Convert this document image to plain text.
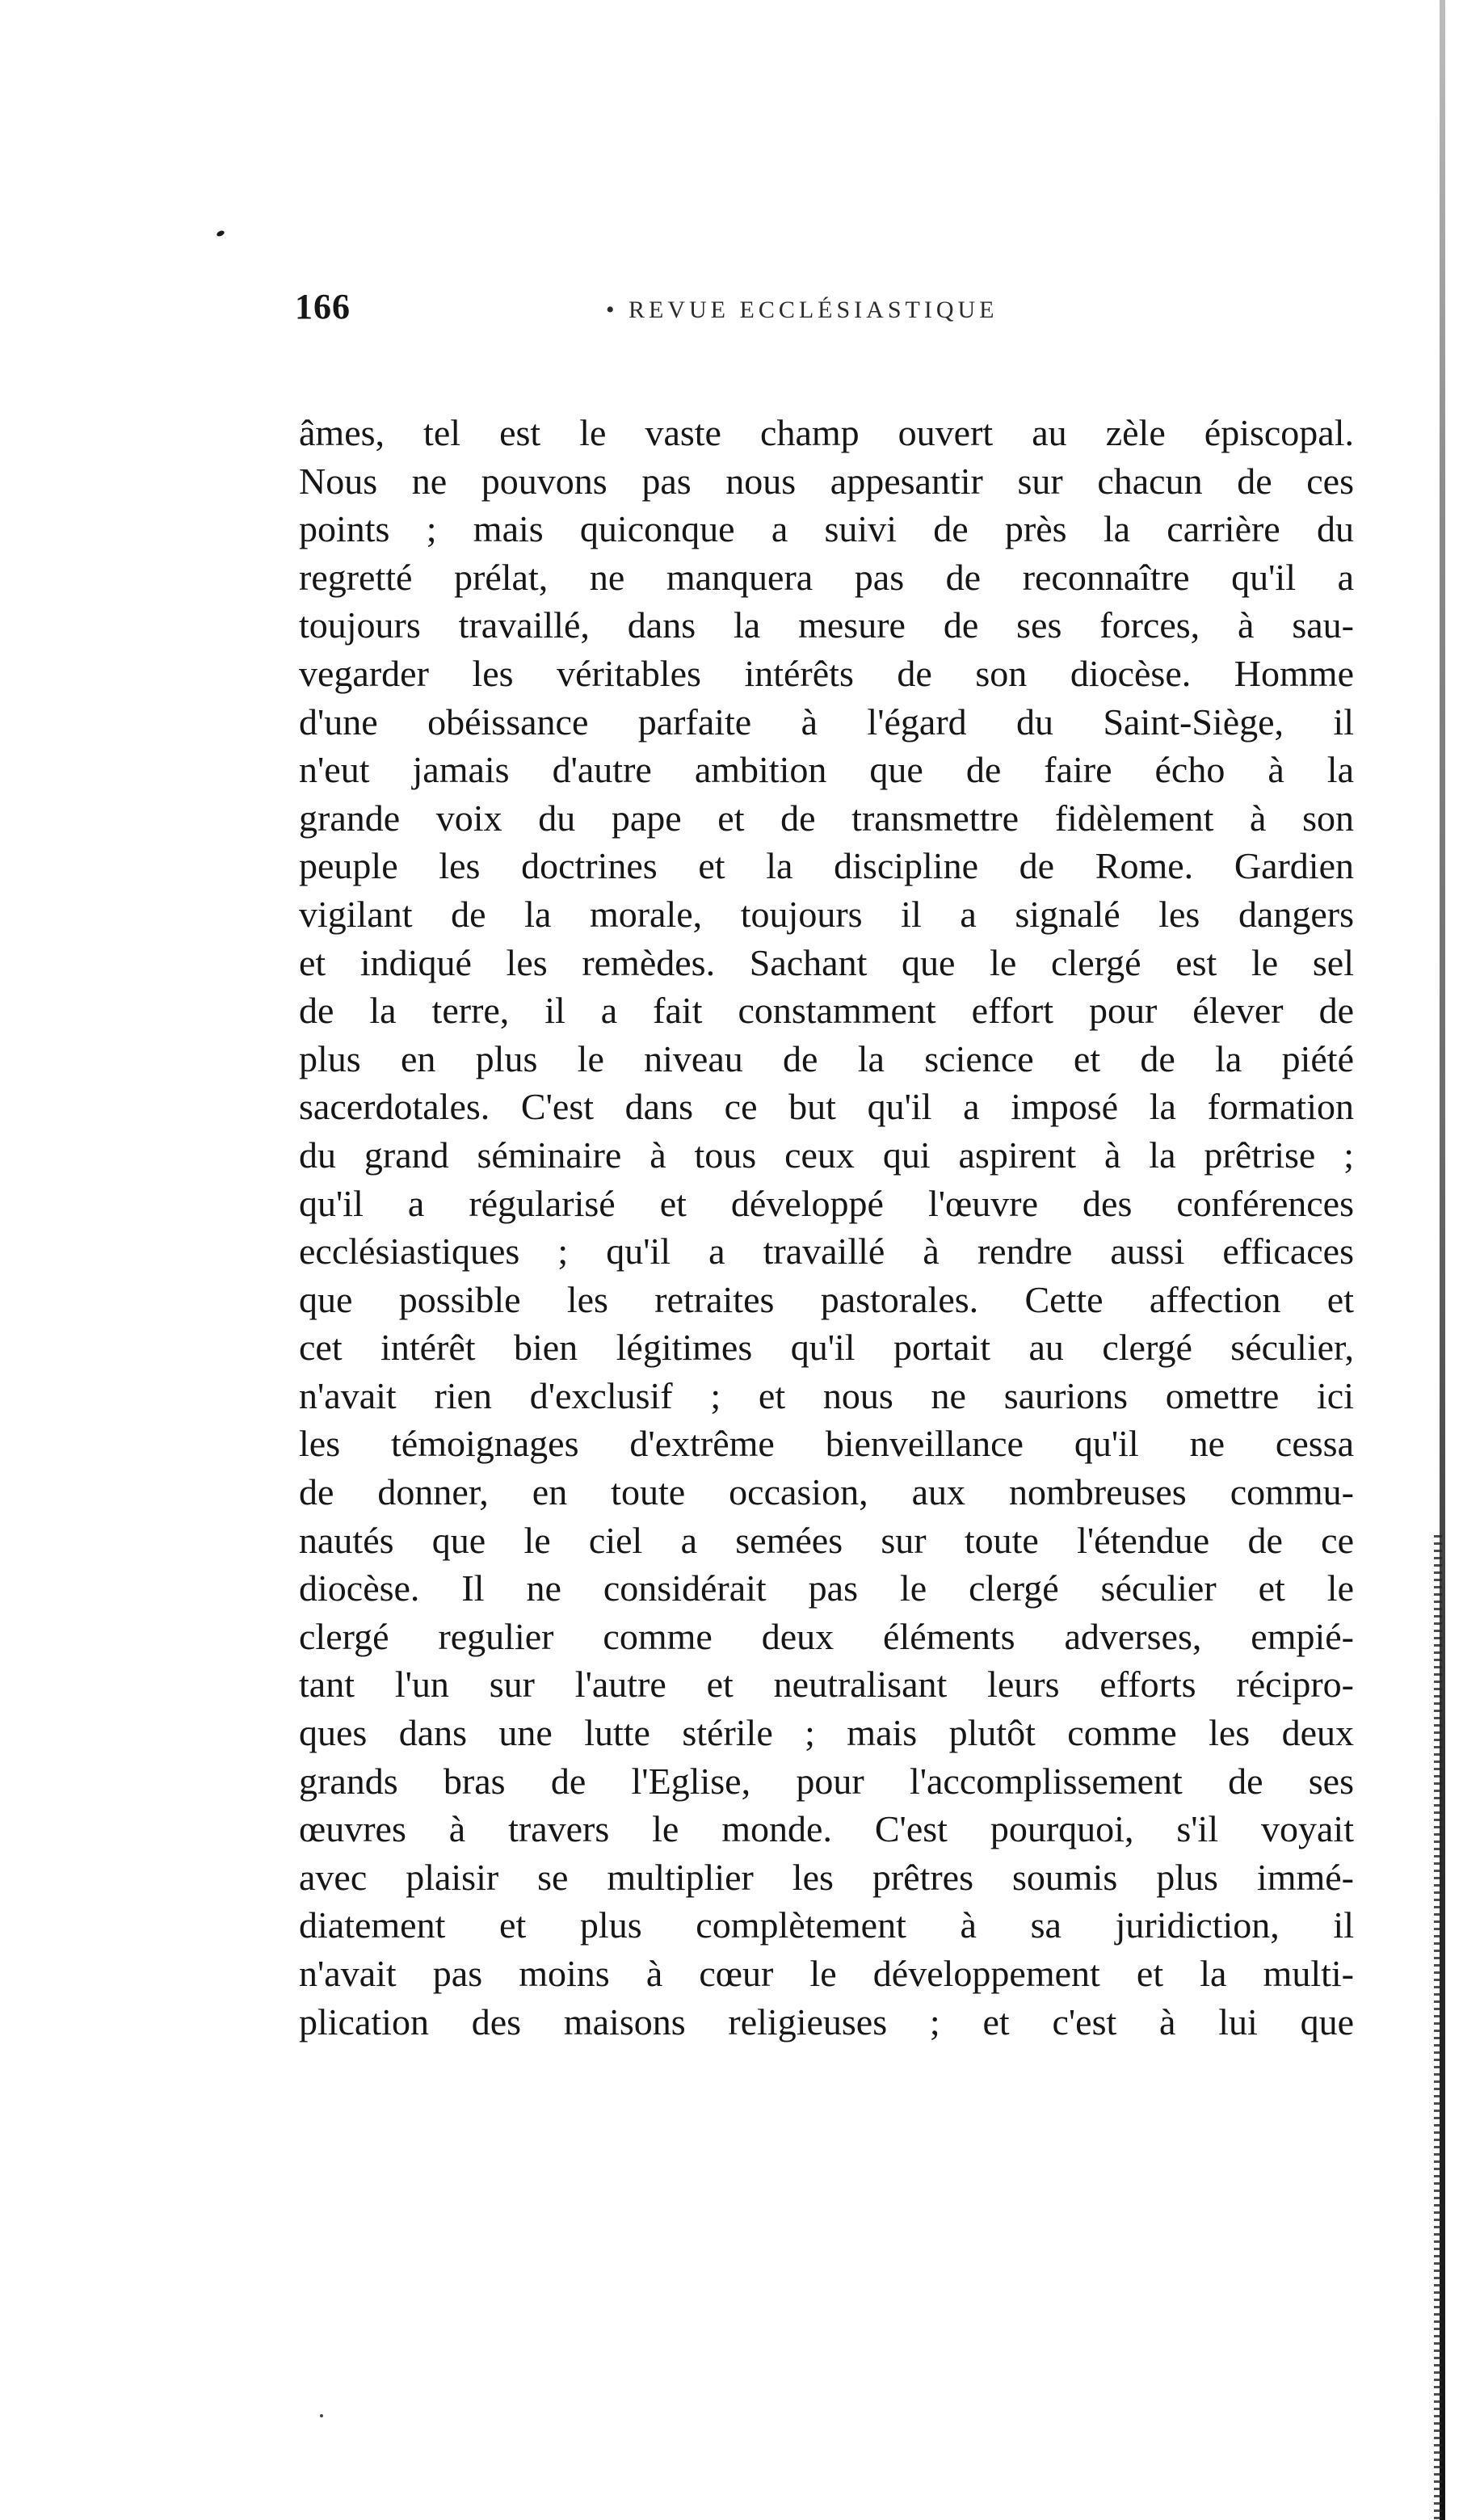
166	• REVUE ECCLÉSIASTIQUE
âmes, tel est le vaste champ ouvert au zèle épiscopal.
Nous ne pouvons pas nous appesantir sur chacun de ces
points ; mais quiconque a suivi de près la carrière du
regretté prélat, ne manquera pas de reconnaître qu'il a
toujours travaillé, dans la mesure de ses forces, à sau-
vegarder les véritables intérêts de son diocèse. Homme
d'une obéissance parfaite à l'égard du Saint-Siège, il
n'eut jamais d'autre ambition que de faire écho à la
grande voix du pape et de transmettre fidèlement à son
peuple les doctrines et la discipline de Rome. Gardien
vigilant de la morale, toujours il a signalé les dangers
et indiqué les remèdes. Sachant que le clergé est le sel
de la terre, il a fait constamment effort pour élever de
plus en plus le niveau de la science et de la piété
sacerdotales. C'est dans ce but qu'il a imposé la formation
du grand séminaire à tous ceux qui aspirent à la prêtrise ;
qu'il a régularisé et développé l'œuvre des conférences
ecclésiastiques ; qu'il a travaillé à rendre aussi efficaces
que possible les retraites pastorales. Cette affection et
cet intérêt bien légitimes qu'il portait au clergé séculier,
n'avait rien d'exclusif ; et nous ne saurions omettre ici
les témoignages d'extrême bienveillance qu'il ne cessa
de donner, en toute occasion, aux nombreuses commu-
nautés que le ciel a semées sur toute l'étendue de ce
diocèse. Il ne considérait pas le clergé séculier et le
clergé regulier comme deux éléments adverses, empié-
tant l'un sur l'autre et neutralisant leurs efforts récipro-
ques dans une lutte stérile ; mais plutôt comme les deux
grands bras de l'Eglise, pour l'accomplissement de ses
œuvres à travers le monde. C'est pourquoi, s'il voyait
avec plaisir se multiplier les prêtres soumis plus immé-
diatement et plus complètement à sa juridiction, il
n'avait pas moins à cœur le développement et la multi-
plication des maisons religieuses ; et c'est à lui que
